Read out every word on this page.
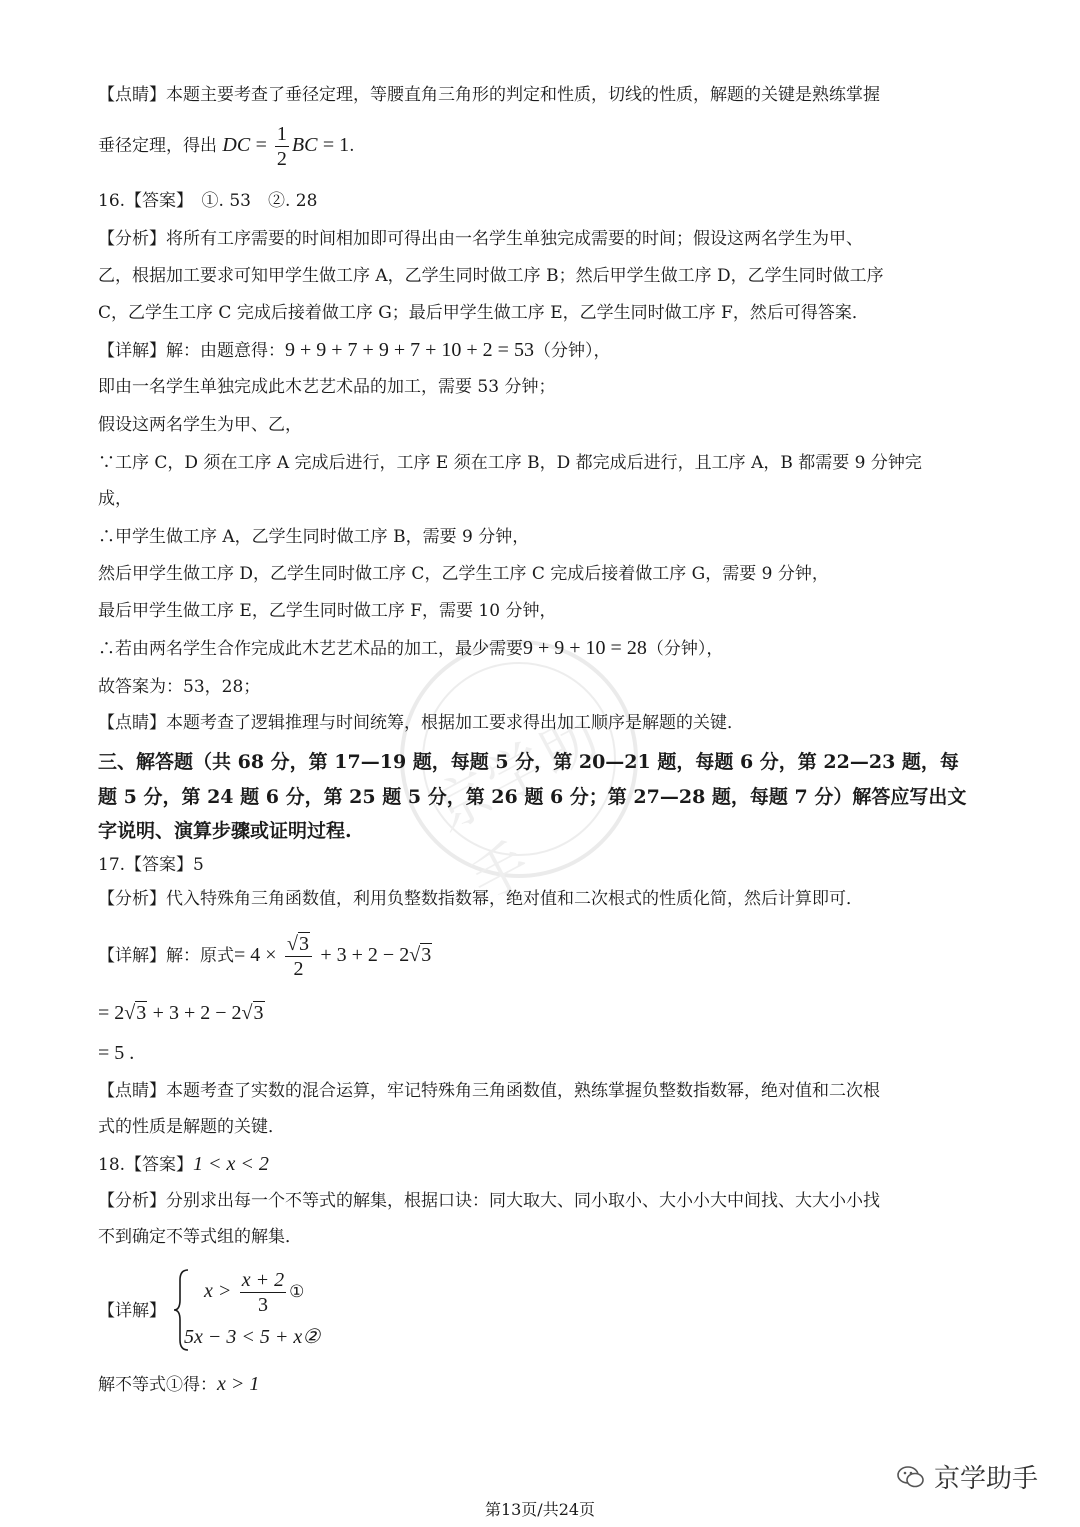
京学助手
【点睛】本题主要考查了垂径定理，等腰直角三角形的判定和性质，切线的性质，解题的关键是熟练掌握
垂径定理，得出 DC = $\frac{1}{2}$ BC = 1.
16.【答案】　①. 53　②. 28
【分析】将所有工序需要的时间相加即可得出由一名学生单独完成需要的时间；假设这两名学生为甲、
乙，根据加工要求可知甲学生做工序 A，乙学生同时做工序 B；然后甲学生做工序 D，乙学生同时做工序
C，乙学生工序 C 完成后接着做工序 G；最后甲学生做工序 E，乙学生同时做工序 F，然后可得答案．
【详解】解：由题意得：9 + 9 + 7 + 9 + 7 + 10 + 2 = 53（分钟），
即由一名学生单独完成此木艺艺术品的加工，需要 53 分钟；
假设这两名学生为甲、乙，
∵工序 C，D 须在工序 A 完成后进行，工序 E 须在工序 B，D 都完成后进行，且工序 A，B 都需要 9 分钟完
成，
∴甲学生做工序 A，乙学生同时做工序 B，需要 9 分钟，
然后甲学生做工序 D，乙学生同时做工序 C，乙学生工序 C 完成后接着做工序 G，需要 9 分钟，
最后甲学生做工序 E，乙学生同时做工序 F，需要 10 分钟，
∴若由两名学生合作完成此木艺艺术品的加工，最少需要9 + 9 + 10 = 28（分钟），
故答案为：53，28；
【点睛】本题考查了逻辑推理与时间统筹，根据加工要求得出加工顺序是解题的关键．
三、解答题（共 68 分，第 17—19 题，每题 5 分，第 20—21 题，每题 6 分，第 22—23 题，每
题 5 分，第 24 题 6 分，第 25 题 5 分，第 26 题 6 分；第 27—28 题，每题 7 分）解答应写出文
字说明、演算步骤或证明过程.
17.【答案】5
【分析】代入特殊角三角函数值，利用负整数指数幂，绝对值和二次根式的性质化简，然后计算即可．
【详解】解：原式= $4 \times \frac{√3}{2} + 3 + 2 - 2√3$
= 2√3 + 3 + 2 − 2√3
= 5 .
【点睛】本题考查了实数的混合运算，牢记特殊角三角函数值，熟练掌握负整数指数幂，绝对值和二次根
式的性质是解题的关键．
18.【答案】1 < x < 2
【分析】分别求出每一个不等式的解集，根据口诀：同大取大、同小取小、大小小大中间找、大大小小找
不到确定不等式组的解集．
【详解】
$x > \frac{x + 2}{3}$ ①
5x − 3 < 5 + x②
解不等式①得：x > 1
京学助手
第13页/共24页
